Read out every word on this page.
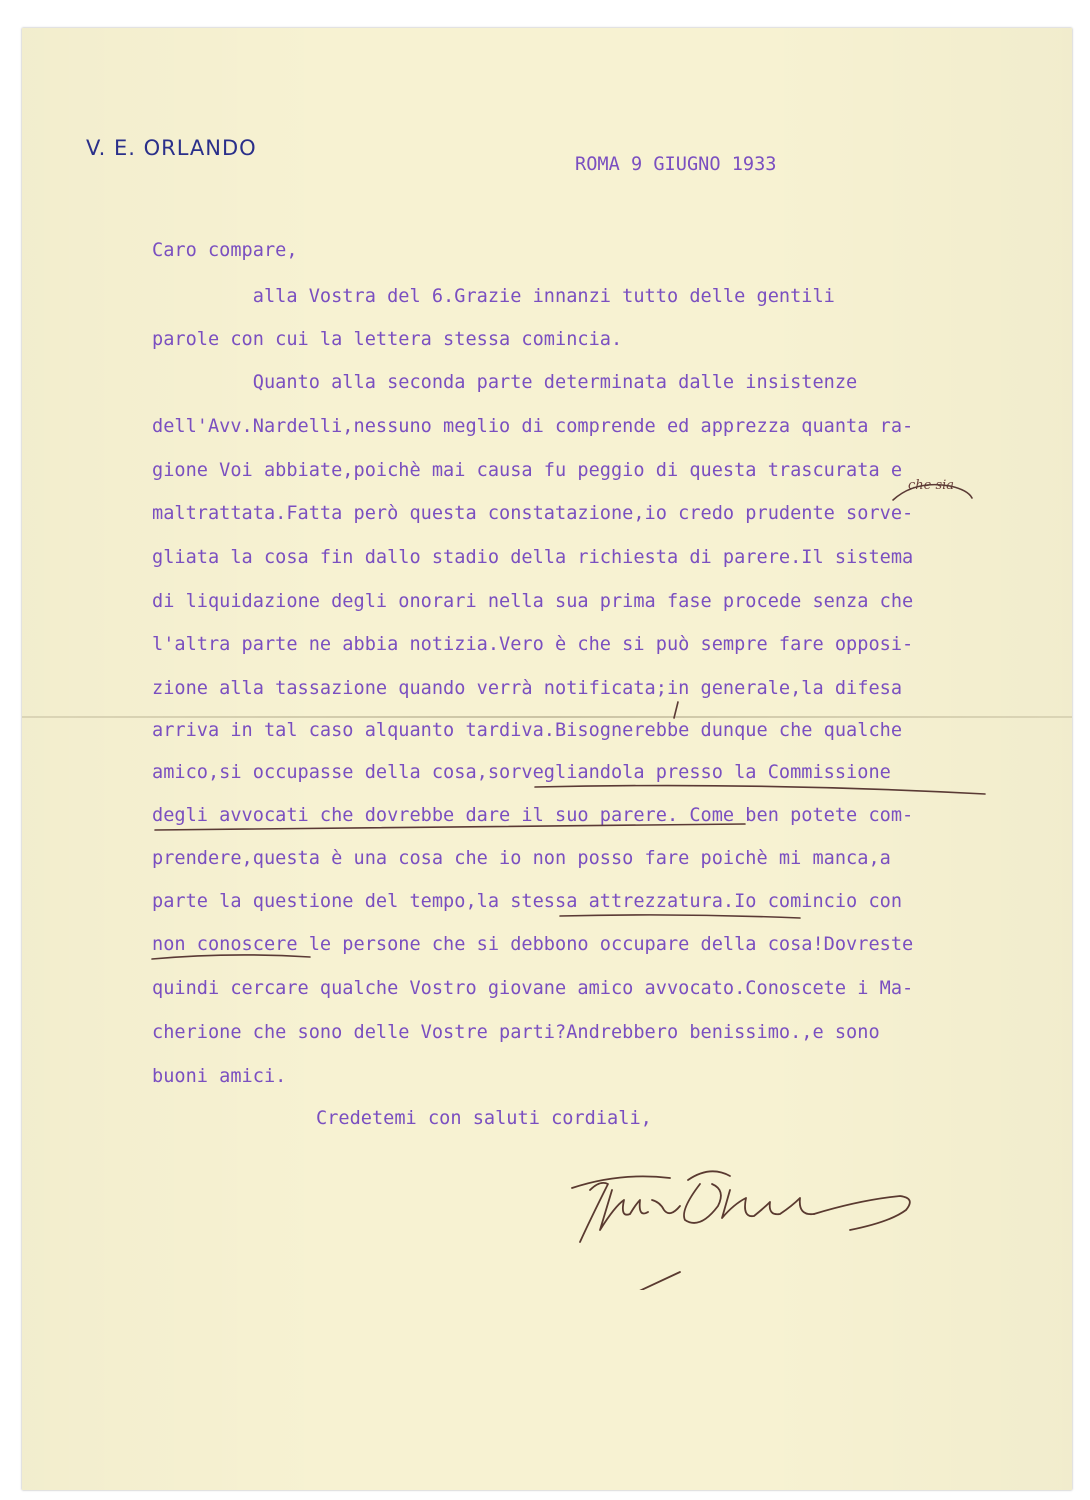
V. E. ORLANDO
ROMA 9 GIUGNO 1933
Caro compare,
alla Vostra del 6.Grazie innanzi tutto delle gentili
parole con cui la lettera stessa comincia.
Quanto alla seconda parte determinata dalle insistenze
dell'Avv.Nardelli,nessuno meglio di comprende ed apprezza quanta ra-
gione Voi abbiate,poichè mai causa fu peggio di questa trascurata e
maltrattata.Fatta però questa constatazione,io credo prudente sorve-
gliata la cosa fin dallo stadio della richiesta di parere.Il sistema
di liquidazione degli onorari nella sua prima fase procede senza che
l'altra parte ne abbia notizia.Vero è che si può sempre fare opposi-
zione alla tassazione quando verrà notificata;in generale,la difesa
arriva in tal caso alquanto tardiva.Bisognerebbe dunque che qualche
amico,si occupasse della cosa,sorvegliandola presso la Commissione
degli avvocati che dovrebbe dare il suo parere. Come ben potete com-
prendere,questa è una cosa che io non posso fare poichè mi manca,a
parte la questione del tempo,la stessa attrezzatura.Io comincio con
non conoscere le persone che si debbono occupare della cosa!Dovreste
quindi cercare qualche Vostro giovane amico avvocato.Conoscete i Ma-
cherione che sono delle Vostre parti?Andrebbero benissimo.,e sono
buoni amici.
Credetemi con saluti cordiali,
che sia
